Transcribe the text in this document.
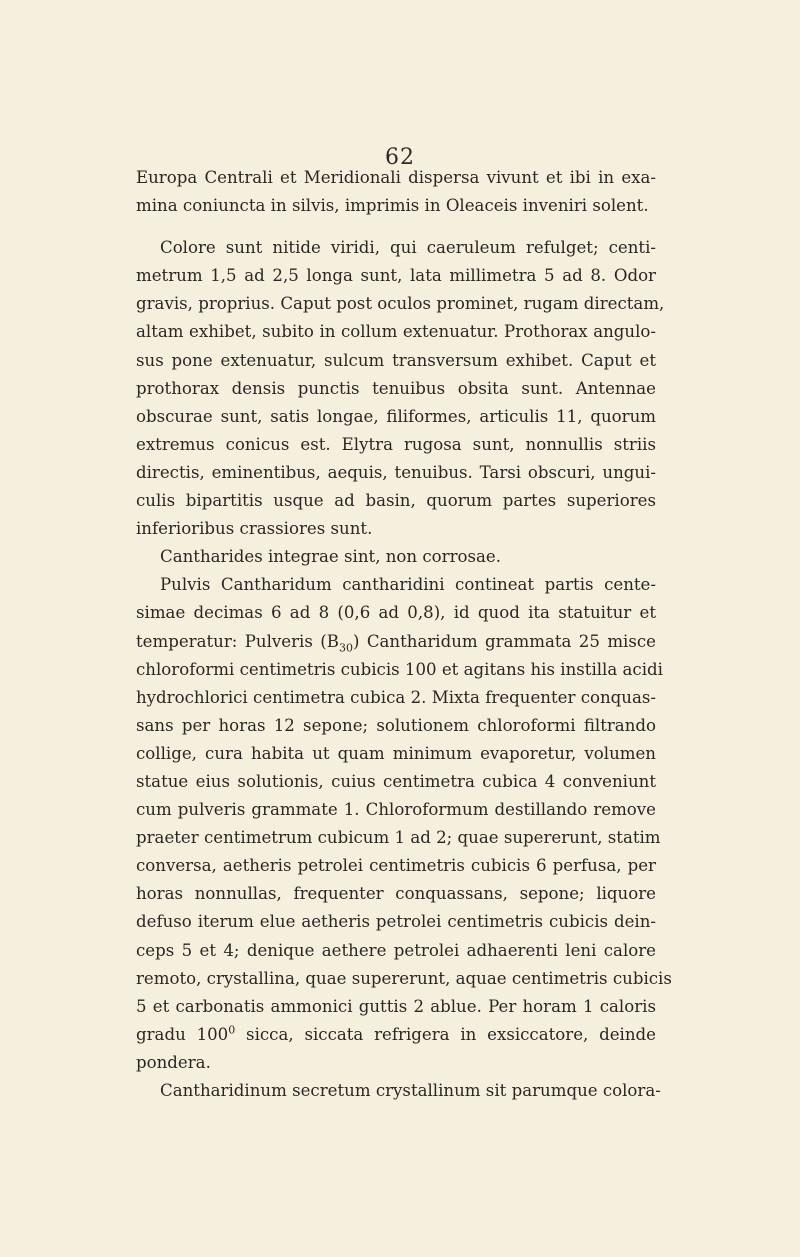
62
Europa Centrali et Meridionali dispersa vivunt et ibi in exa-
mina coniuncta in silvis, imprimis in Oleaceis inveniri solent.
Colore sunt nitide viridi, qui caeruleum refulget; centi-
metrum 1,5 ad 2,5 longa sunt, lata millimetra 5 ad 8. Odor
gravis, proprius. Caput post oculos prominet, rugam directam,
altam exhibet, subito in collum extenuatur. Prothorax angulo-
sus pone extenuatur, sulcum transversum exhibet. Caput et
prothorax densis punctis tenuibus obsita sunt. Antennae
obscurae sunt, satis longae, filiformes, articulis 11, quorum
extremus conicus est. Elytra rugosa sunt, nonnullis striis
directis, eminentibus, aequis, tenuibus. Tarsi obscuri, ungui-
culis bipartitis usque ad basin, quorum partes superiores
inferioribus crassiores sunt.
Cantharides integrae sint, non corrosae.
Pulvis Cantharidum cantharidini contineat partis cente-
simae decimas 6 ad 8 (0,6 ad 0,8), id quod ita statuitur et
temperatur: Pulveris $(B_{30})$ Cantharidum grammata 25 misce
chloroformi centimetris cubicis 100 et agitans his instilla acidi
hydrochlorici centimetra cubica 2. Mixta frequenter conquas-
sans per horas 12 sepone; solutionem chloroformi filtrando
collige, cura habita ut quam minimum evaporetur, volumen
statue eius solutionis, cuius centimetra cubica 4 conveniunt
cum pulveris grammate 1. Chloroformum destillando remove
praeter centimetrum cubicum 1 ad 2; quae supererunt, statim
conversa, aetheris petrolei centimetris cubicis 6 perfusa, per
horas nonnullas, frequenter conquassans, sepone; liquore
defuso iterum elue aetheris petrolei centimetris cubicis dein-
ceps 5 et 4; denique aethere petrolei adhaerenti leni calore
remoto, crystallina, quae supererunt, aquae centimetris cubicis
5 et carbonatis ammonici guttis 2 ablue. Per horam 1 caloris
gradu $100^0$ sicca, siccata refrigera in exsiccatore, deinde
pondera.
Cantharidinum secretum crystallinum sit parumque colora-
